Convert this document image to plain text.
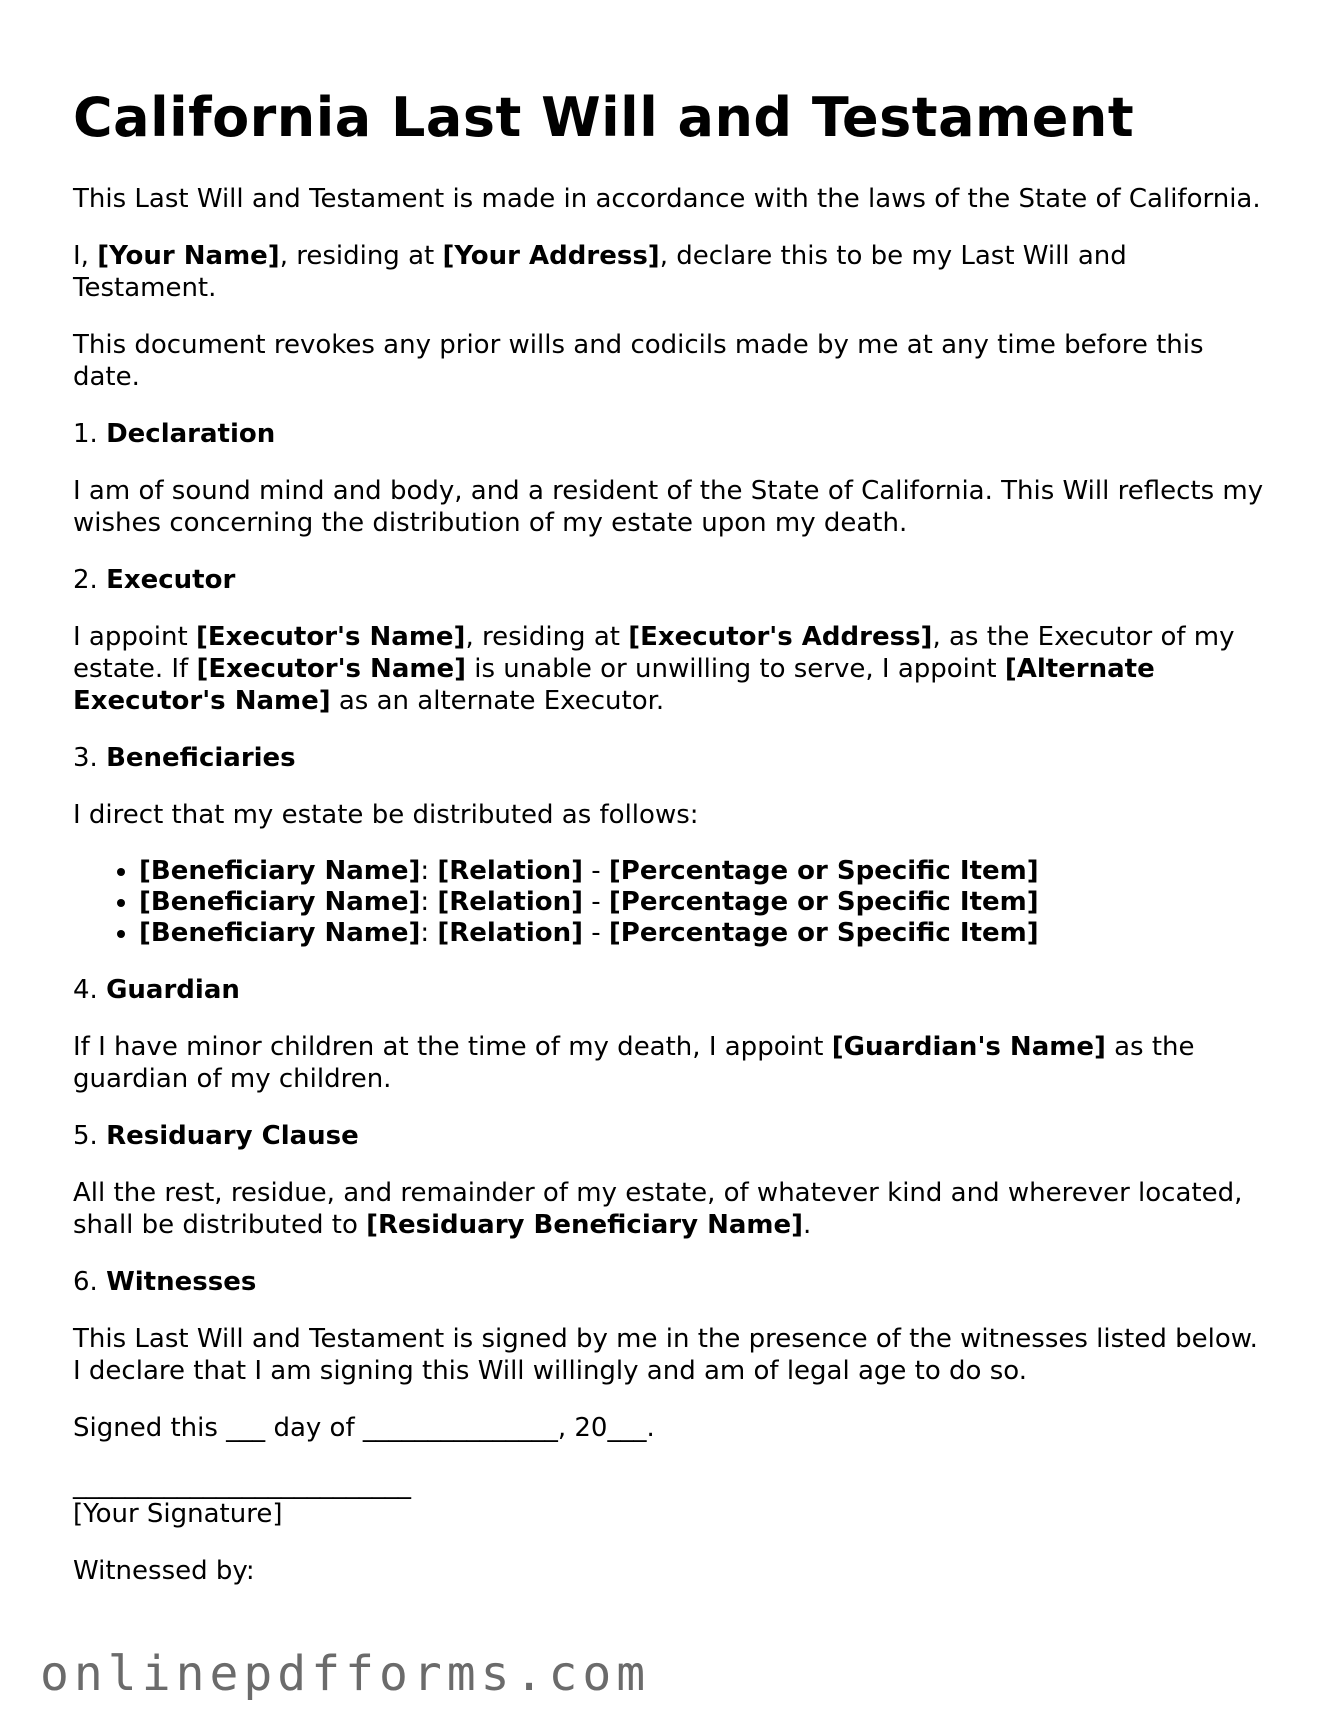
California Last Will and Testament

This Last Will and Testament is made in accordance with the laws of the State of California.

I, [Your Name], residing at [Your Address], declare this to be my Last Will and Testament.

This document revokes any prior wills and codicils made by me at any time before this date.

1. Declaration

I am of sound mind and body, and a resident of the State of California. This Will reflects my wishes concerning the distribution of my estate upon my death.

2. Executor

I appoint [Executor's Name], residing at [Executor's Address], as the Executor of my estate. If [Executor's Name] is unable or unwilling to serve, I appoint [Alternate Executor's Name] as an alternate Executor.

3. Beneficiaries

I direct that my estate be distributed as follows:

• [Beneficiary Name]: [Relation] - [Percentage or Specific Item]
• [Beneficiary Name]: [Relation] - [Percentage or Specific Item]
• [Beneficiary Name]: [Relation] - [Percentage or Specific Item]

4. Guardian

If I have minor children at the time of my death, I appoint [Guardian's Name] as the guardian of my children.

5. Residuary Clause

All the rest, residue, and remainder of my estate, of whatever kind and wherever located, shall be distributed to [Residuary Beneficiary Name].

6. Witnesses

This Last Will and Testament is signed by me in the presence of the witnesses listed below. I declare that I am signing this Will willingly and am of legal age to do so.

Signed this ___ day of _______________, 20___.

__________________________

[Your Signature]

Witnessed by:

onlinepdfforms.com
